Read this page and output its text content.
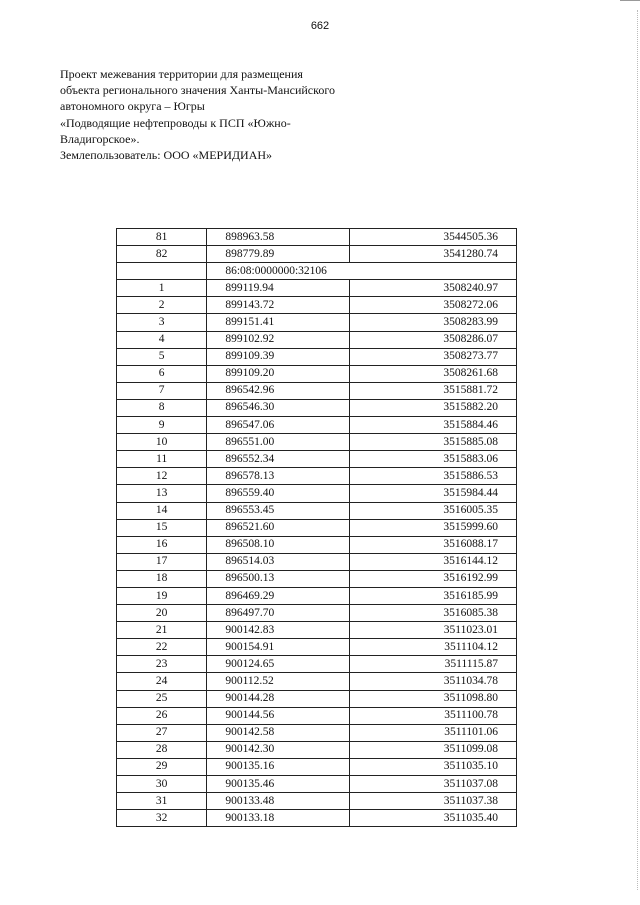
662
Проект межевания территории для размещения
объекта регионального значения Ханты-Мансийского
автономного округа – Югры
«Подводящие нефтепроводы к ПСП «Южно-
Владигорское».
Землепользователь: ООО «МЕРИДИАН»
81	898963.58	3544505.36
82	898779.89	3541280.74
	86:08:0000000:32106	
1	899119.94	3508240.97
2	899143.72	3508272.06
3	899151.41	3508283.99
4	899102.92	3508286.07
5	899109.39	3508273.77
6	899109.20	3508261.68
7	896542.96	3515881.72
8	896546.30	3515882.20
9	896547.06	3515884.46
10	896551.00	3515885.08
11	896552.34	3515883.06
12	896578.13	3515886.53
13	896559.40	3515984.44
14	896553.45	3516005.35
15	896521.60	3515999.60
16	896508.10	3516088.17
17	896514.03	3516144.12
18	896500.13	3516192.99
19	896469.29	3516185.99
20	896497.70	3516085.38
21	900142.83	3511023.01
22	900154.91	3511104.12
23	900124.65	3511115.87
24	900112.52	3511034.78
25	900144.28	3511098.80
26	900144.56	3511100.78
27	900142.58	3511101.06
28	900142.30	3511099.08
29	900135.16	3511035.10
30	900135.46	3511037.08
31	900133.48	3511037.38
32	900133.18	3511035.40
